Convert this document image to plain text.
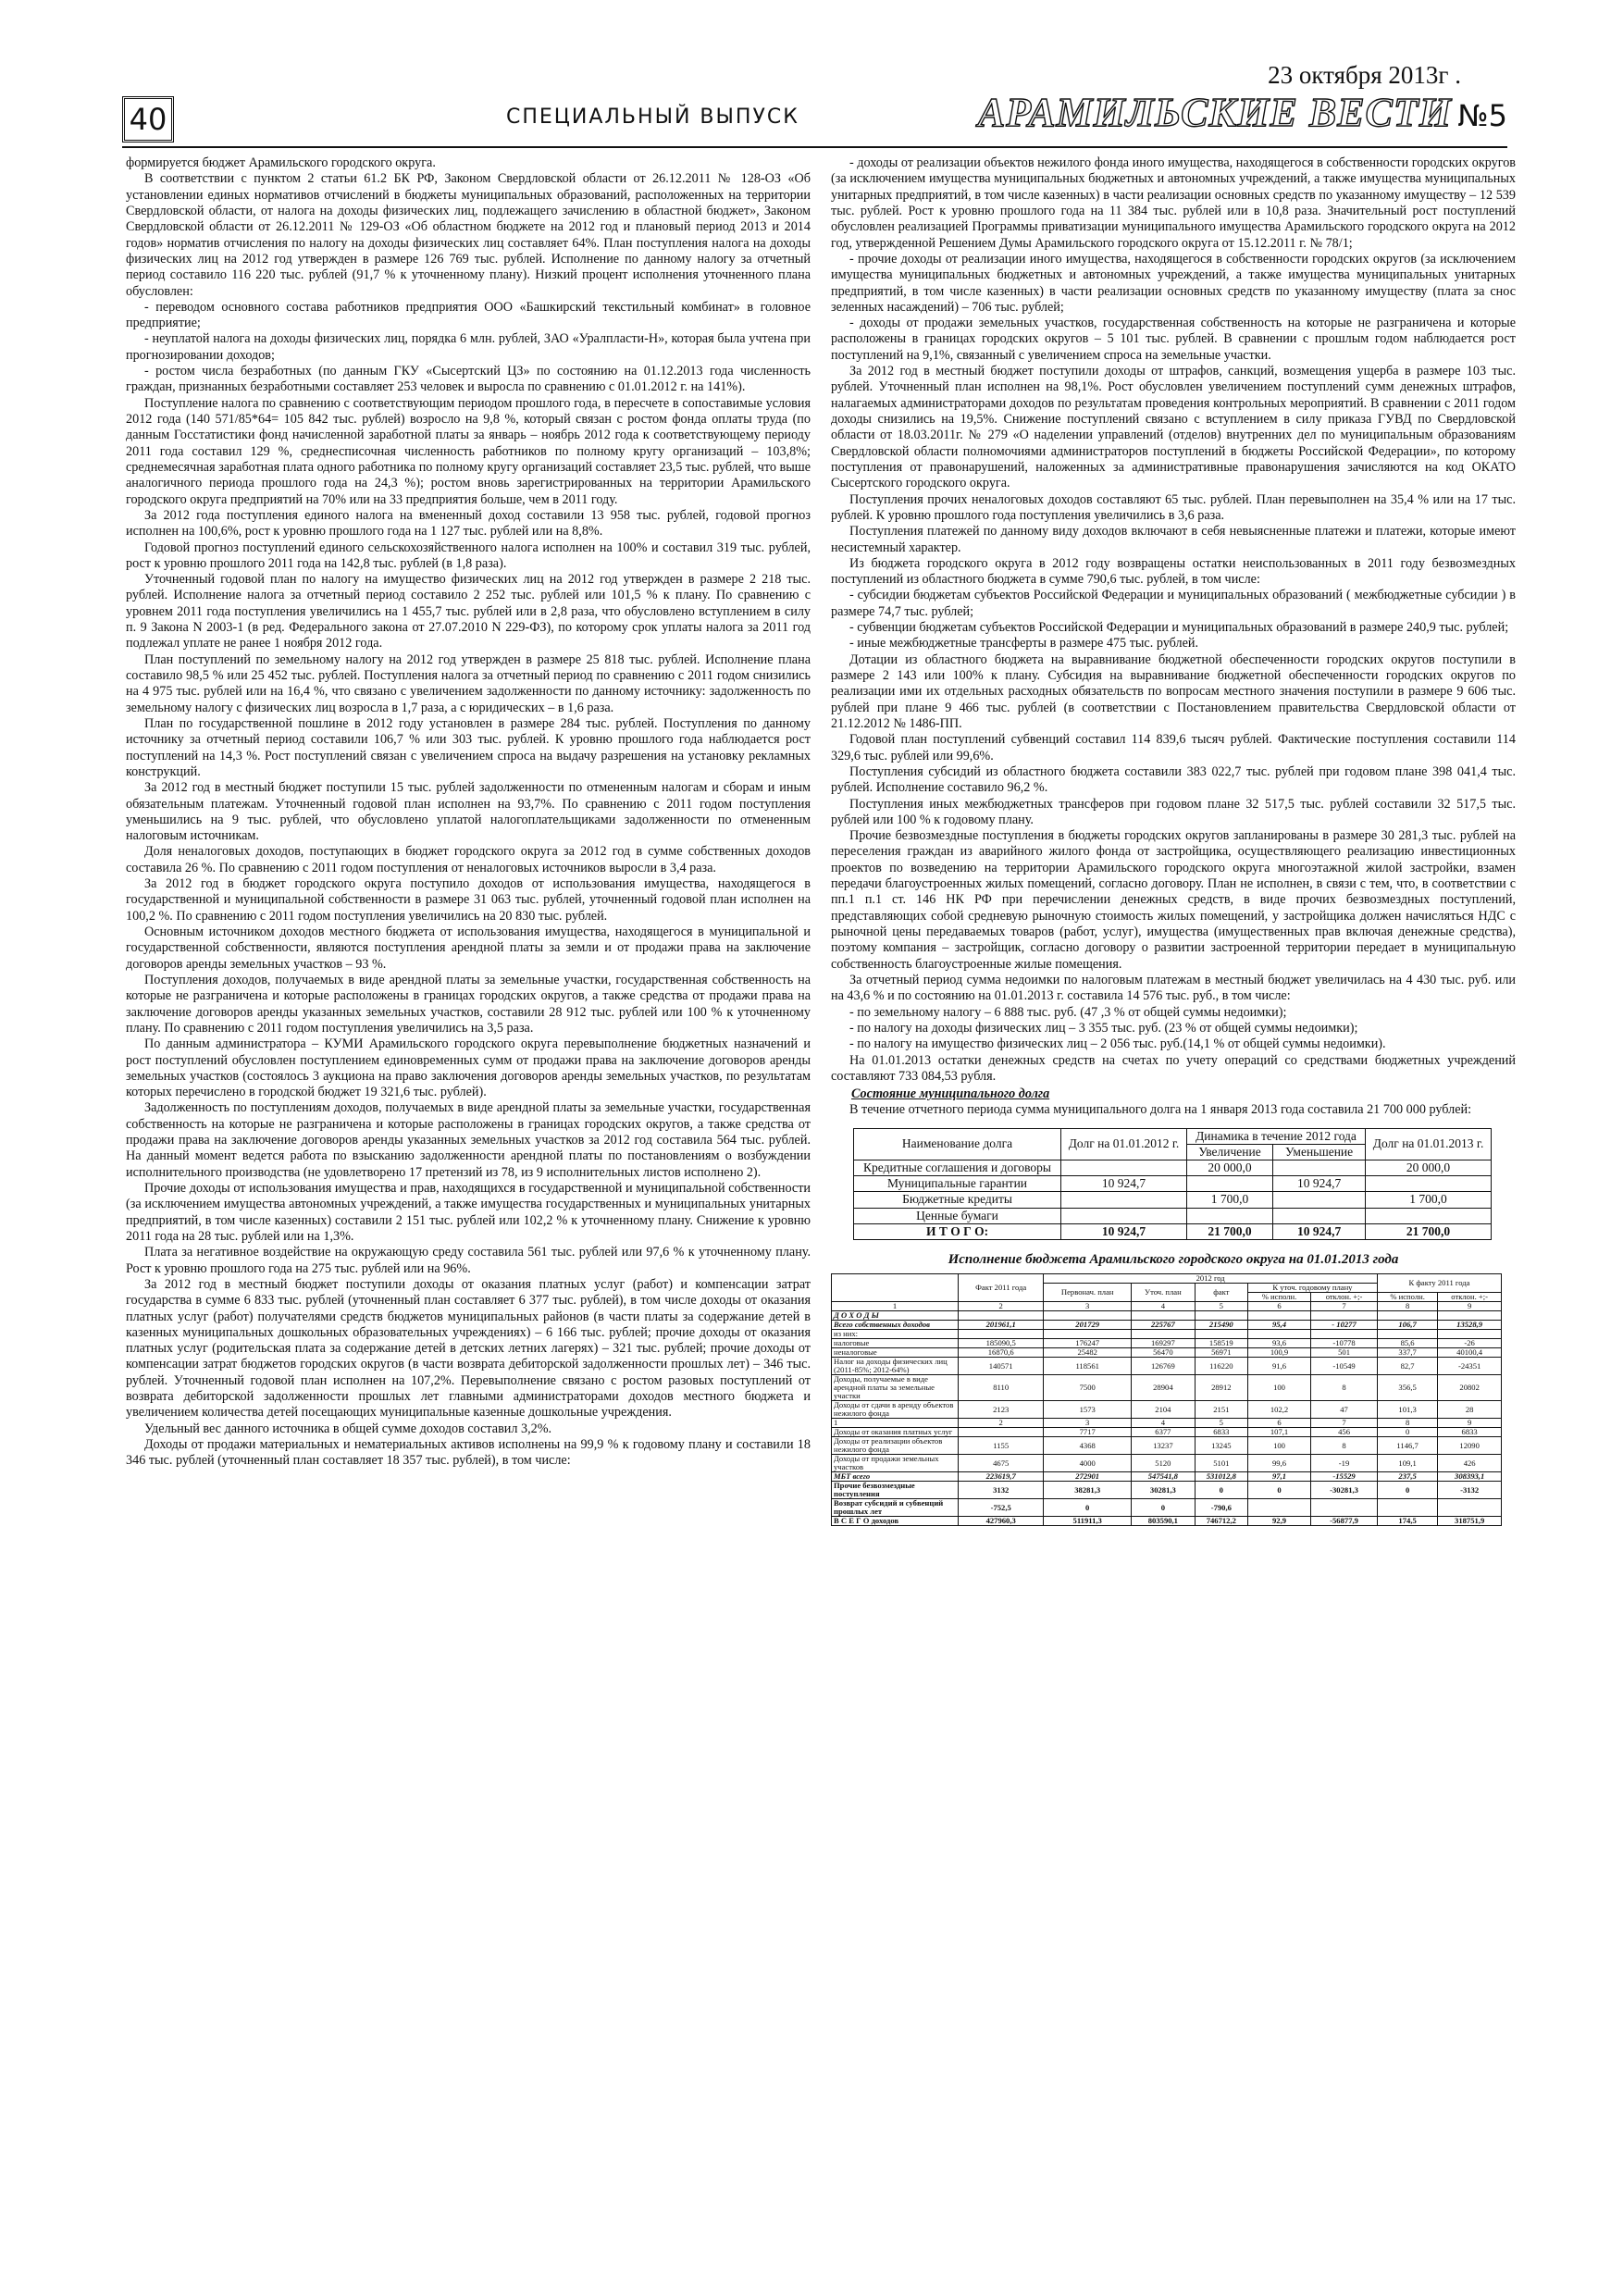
23 октября 2013г .
40	СПЕЦИАЛЬНЫЙ ВЫПУСК	АРАМИЛЬСКИЕ ВЕСТИ №5

формируется бюджет Арамильского городского округа.

В соответствии с пунктом 2 статьи 61.2 БК РФ, Законом Свердловской области от 26.12.2011 № 128-ОЗ «Об установлении единых нормативов отчислений в бюджеты муниципальных образований, расположенных на территории Свердловской области, от налога на доходы физических лиц, подлежащего зачислению в областной бюджет», Законом Свердловской области от 26.12.2011 № 129-ОЗ «Об областном бюджете на 2012 год и плановый период 2013 и 2014 годов» норматив отчисления по налогу на доходы физических лиц составляет 64%. План поступления налога на доходы физических лиц на 2012 год утвержден в размере 126 769 тыс. рублей. Исполнение по данному налогу за отчетный период составило 116 220 тыс. рублей (91,7 % к уточненному плану). Низкий процент исполнения уточненного плана обусловлен:

- переводом основного состава работников предприятия ООО «Башкирский текстильный комбинат» в головное предприятие;

- неуплатой налога на доходы физических лиц, порядка 6 млн. рублей, ЗАО «Уралпласти-Н», которая была учтена при прогнозировании доходов;

- ростом числа безработных (по данным ГКУ «Сысертский ЦЗ» по состоянию на 01.12.2013 года численность граждан, признанных безработными составляет 253 человек и выросла по сравнению с 01.01.2012 г. на 141%).

Поступление налога по сравнению с соответствующим периодом прошлого года, в пересчете в сопоставимые условия 2012 года (140 571/85*64= 105 842 тыс. рублей) возросло на 9,8 %, который связан с ростом фонда оплаты труда (по данным Госстатистики фонд начисленной заработной платы за январь – ноябрь 2012 года к соответствующему периоду 2011 года составил 129 %, среднесписочная численность работников по полному кругу организаций – 103,8%; среднемесячная заработная плата одного работника по полному кругу организаций составляет 23,5 тыс. рублей, что выше аналогичного периода прошлого года на 24,3 %); ростом вновь зарегистрированных на территории Арамильского городского округа предприятий на 70% или на 33 предприятия больше, чем в 2011 году.

За 2012 года поступления единого налога на вмененный доход составили 13 958 тыс. рублей, годовой прогноз исполнен на 100,6%, рост к уровню прошлого года на 1 127 тыс. рублей или на 8,8%.

Годовой прогноз поступлений единого сельскохозяйственного налога исполнен на 100% и составил 319 тыс. рублей, рост к уровню прошлого 2011 года на 142,8 тыс. рублей (в 1,8 раза).

Уточненный годовой план по налогу на имущество физических лиц на 2012 год утвержден в размере 2 218 тыс. рублей. Исполнение налога за отчетный период составило 2 252 тыс. рублей или 101,5 % к плану. По сравнению с уровнем 2011 года поступления увеличились на 1 455,7 тыс. рублей или в 2,8 раза, что обусловлено вступлением в силу п. 9 Закона N 2003-1 (в ред. Федерального закона от 27.07.2010 N 229-ФЗ), по которому срок уплаты налога за 2011 год подлежал уплате не ранее 1 ноября 2012 года.

План поступлений по земельному налогу на 2012 год утвержден в размере 25 818 тыс. рублей. Исполнение плана составило 98,5 % или 25 452 тыс. рублей. Поступления налога за отчетный период по сравнению с 2011 годом снизились на 4 975 тыс. рублей или на 16,4 %, что связано с увеличением задолженности по данному источнику: задолженность по земельному налогу с физических лиц возросла в 1,7 раза, а с юридических – в 1,6 раза.

План по государственной пошлине в 2012 году установлен в размере 284 тыс. рублей. Поступления по данному источнику за отчетный период составили 106,7 % или 303 тыс. рублей. К уровню прошлого года наблюдается рост поступлений на 14,3 %. Рост поступлений связан с увеличением спроса на выдачу разрешения на установку рекламных конструкций.

За 2012 год в местный бюджет поступили 15 тыс. рублей задолженности по отмененным налогам и сборам и иным обязательным платежам. Уточненный годовой план исполнен на 93,7%. По сравнению с 2011 годом поступления уменьшились на 9 тыс. рублей, что обусловлено уплатой налогоплательщиками задолженности по отмененным налоговым источникам.

Доля неналоговых доходов, поступающих в бюджет городского округа за 2012 год в сумме собственных доходов составила 26 %. По сравнению с 2011 годом поступления от неналоговых источников выросли в 3,4 раза.

За 2012 год в бюджет городского округа поступило доходов от использования имущества, находящегося в государственной и муниципальной собственности в размере 31 063 тыс. рублей, уточненный годовой план исполнен на 100,2 %. По сравнению с 2011 годом поступления увеличились на 20 830 тыс. рублей.

Основным источником доходов местного бюджета от использования имущества, находящегося в муниципальной и государственной собственности, являются поступления арендной платы за земли и от продажи права на заключение договоров аренды земельных участков – 93 %.

Поступления доходов, получаемых в виде арендной платы за земельные участки, государственная собственность на которые не разграничена и которые расположены в границах городских округов, а также средства от продажи права на заключение договоров аренды указанных земельных участков, составили 28 912 тыс. рублей или 100 % к уточненному плану. По сравнению с 2011 годом поступления увеличились на 3,5 раза.

По данным администратора – КУМИ Арамильского городского округа перевыполнение бюджетных назначений и рост поступлений обусловлен поступлением единовременных сумм от продажи права на заключение договоров аренды земельных участков (состоялось 3 аукциона на право заключения договоров аренды земельных участков, по результатам которых перечислено в городской бюджет 19 321,6 тыс. рублей).

Задолженность по поступлениям доходов, получаемых в виде арендной платы за земельные участки, государственная собственность на которые не разграничена и которые расположены в границах городских округов, а также средства от продажи права на заключение договоров аренды указанных земельных участков за 2012 год составила 564 тыс. рублей. На данный момент ведется работа по взысканию задолженности арендной платы по постановлениям о возбуждении исполнительного производства (не удовлетворено 17 претензий из 78, из 9 исполнительных листов исполнено 2).

Прочие доходы от использования имущества и прав, находящихся в государственной и муниципальной собственности (за исключением имущества автономных учреждений, а также имущества государственных и муниципальных унитарных предприятий, в том числе казенных) составили 2 151 тыс. рублей или 102,2 % к уточненному плану. Снижение к уровню 2011 года на 28 тыс. рублей или на 1,3%.

Плата за негативное воздействие на окружающую среду составила 561 тыс. рублей или 97,6 % к уточненному плану. Рост к уровню прошлого года на 275 тыс. рублей или на 96%.

За 2012 год в местный бюджет поступили доходы от оказания платных услуг (работ) и компенсации затрат государства в сумме 6 833 тыс. рублей (уточненный план составляет 6 377 тыс. рублей), в том числе доходы от оказания платных услуг (работ) получателями средств бюджетов муниципальных районов (в части платы за содержание детей в казенных муниципальных дошкольных образовательных учреждениях) – 6 166 тыс. рублей; прочие доходы от оказания платных услуг (родительская плата за содержание детей в детских летних лагерях) – 321 тыс. рублей; прочие доходы от компенсации затрат бюджетов городских округов (в части возврата дебиторской задолженности прошлых лет) – 346 тыс. рублей. Уточненный годовой план исполнен на 107,2%. Перевыполнение связано с ростом разовых поступлений от возврата дебиторской задолженности прошлых лет главными администраторами доходов местного бюджета и увеличением количества детей посещающих муниципальные казенные дошкольные учреждения.

Удельный вес данного источника в общей сумме доходов составил 3,2%.

Доходы от продажи материальных и нематериальных активов исполнены на 99,9 % к годовому плану и составили 18 346 тыс. рублей (уточненный план составляет 18 357 тыс. рублей), в том числе:

- доходы от реализации объектов нежилого фонда иного имущества, находящегося в собственности городских округов (за исключением имущества муниципальных бюджетных и автономных учреждений, а также имущества муниципальных унитарных предприятий, в том числе казенных) в части реализации основных средств по указанному имуществу – 12 539 тыс. рублей. Рост к уровню прошлого года на 11 384 тыс. рублей или в 10,8 раза. Значительный рост поступлений обусловлен реализацией Программы приватизации муниципального имущества Арамильского городского округа на 2012 год, утвержденной Решением Думы Арамильского городского округа от 15.12.2011 г. № 78/1;

- прочие доходы от реализации иного имущества, находящегося в собственности городских округов (за исключением имущества муниципальных бюджетных и автономных учреждений, а также имущества муниципальных унитарных предприятий, в том числе казенных) в части реализации основных средств по указанному имуществу (плата за снос зеленных насаждений) – 706 тыс. рублей;

- доходы от продажи земельных участков, государственная собственность на которые не разграничена и которые расположены в границах городских округов – 5 101 тыс. рублей. В сравнении с прошлым годом наблюдается рост поступлений на 9,1%, связанный с увеличением спроса на земельные участки.

За 2012 год в местный бюджет поступили доходы от штрафов, санкций, возмещения ущерба в размере 103 тыс. рублей. Уточненный план исполнен на 98,1%. Рост обусловлен увеличением поступлений сумм денежных штрафов, налагаемых администраторами доходов по результатам проведения контрольных мероприятий. В сравнении с 2011 годом доходы снизились на 19,5%. Снижение поступлений связано с вступлением в силу приказа ГУВД по Свердловской области от 18.03.2011г. № 279 «О наделении управлений (отделов) внутренних дел по муниципальным образованиям Свердловской области полномочиями администраторов поступлений в бюджеты Российской Федерации», по которому поступления от правонарушений, наложенных за административные правонарушения зачисляются на код ОКАТО Сысертского городского округа.

Поступления прочих неналоговых доходов составляют 65 тыс. рублей. План перевыполнен на 35,4 % или на 17 тыс. рублей. К уровню прошлого года поступления увеличились в 3,6 раза.

Поступления платежей по данному виду доходов включают в себя невыясненные платежи и платежи, которые имеют несистемный характер.

Из бюджета городского округа в 2012 году возвращены остатки неиспользованных в 2011 году безвозмездных поступлений из областного бюджета в сумме 790,6 тыс. рублей, в том числе:

- субсидии бюджетам субъектов Российской Федерации и муниципальных образований ( межбюджетные субсидии ) в размере 74,7 тыс. рублей;

- субвенции бюджетам субъектов Российской Федерации и муниципальных образований в размере 240,9 тыс. рублей;

- иные межбюджетные трансферты в размере 475 тыс. рублей.

Дотации из областного бюджета на выравнивание бюджетной обеспеченности городских округов поступили в размере 2 143 или 100% к плану. Субсидия на выравнивание бюджетной обеспеченности городских округов по реализации ими их отдельных расходных обязательств по вопросам местного значения поступили в размере 9 606 тыс. рублей при плане 9 466 тыс. рублей (в соответствии с Постановлением правительства Свердловской области от 21.12.2012 № 1486-ПП.

Годовой план поступлений субвенций составил 114 839,6 тысяч рублей. Фактические поступления составили 114 329,6 тыс. рублей или 99,6%.

Поступления субсидий из областного бюджета составили 383 022,7 тыс. рублей при годовом плане 398 041,4 тыс. рублей. Исполнение составило 96,2 %.

Поступления иных межбюджетных трансферов при годовом плане 32 517,5 тыс. рублей составили 32 517,5 тыс. рублей или 100 % к годовому плану.

Прочие безвозмездные поступления в бюджеты городских округов запланированы в размере 30 281,3 тыс. рублей на переселения граждан из аварийного жилого фонда от застройщика, осуществляющего реализацию инвестиционных проектов по возведению на территории Арамильского городского округа многоэтажной жилой застройки, взамен передачи благоустроенных жилых помещений, согласно договору. План не исполнен, в связи с тем, что, в соответствии с пп.1 п.1 ст. 146 НК РФ при перечислении денежных средств, в виде прочих безвозмездных поступлений, представляющих собой средневую рыночную стоимость жилых помещений, у застройщика должен начисляться НДС с рыночной цены передаваемых товаров (работ, услуг), имущества (имущественных прав включая денежные средства), поэтому компания – застройщик, согласно договору о развитии застроенной территории передает в муниципальную собственность благоустроенные жилые помещения.

За отчетный период сумма недоимки по налоговым платежам в местный бюджет увеличилась на 4 430 тыс. руб. или на 43,6 % и по состоянию на 01.01.2013 г. составила 14 576 тыс. руб., в том числе:

- по земельному налогу – 6 888 тыс. руб. (47 ,3 % от общей суммы недоимки);

- по налогу на доходы физических лиц – 3 355 тыс. руб. (23 % от общей суммы недоимки);

- по налогу на имущество физических лиц – 2 056 тыс. руб.(14,1 % от общей суммы недоимки).

На 01.01.2013 остатки денежных средств на счетах по учету операций со средствами бюджетных учреждений составляют 733 084,53 рубля.

Состояние муниципального долга

В течение отчетного периода сумма муниципального долга на 1 января 2013 года составила 21 700 000 рублей:

Наименование долга	Долг на 01.01.2012 г.	Динамика в течение 2012 года		Долг на 01.01.2013 г.
		Увеличение	Уменьшение	
Кредитные соглашения и договоры		20 000,0		20 000,0
Муниципальные гарантии	10 924,7		10 924,7	
Бюджетные кредиты		1 700,0		1 700,0
Ценные бумаги				
И Т О Г О:	10 924,7	21 700,0	10 924,7	21 700,0
Исполнение бюджета Арамильского городского округа на 01.01.2013 года
	Факт 2011 года	2012 год					К факту 2011 года	
		Первонач. план	Уточ. план	факт	К уточ. годовому плану			
					% исполн.	отклон. +;-	% исполн.	отклон. +;-
1	2	3	4	5	6	7	8	9
Д О Х О Д Ы								
Всего собственных доходов	201961,1	201729	225767	215490	95,4	- 10277	106,7	13528,9
из них:								
налоговые	185090,5	176247	169297	158519	93,6	-10778	85,6	-26
неналоговые	16870,6	25482	56470	56971	100,9	501	337,7	40100,4
Налог на доходы физических лиц (2011-85%; 2012-64%)	140571	118561	126769	116220	91,6	-10549	82,7	-24351
Доходы, получаемые в виде арендной платы за земельные участки	8110	7500	28904	28912	100	8	356,5	20802
Доходы от сдачи в аренду объектов нежилого фонда	2123	1573	2104	2151	102,2	47	101,3	28
1	2	3	4	5	6	7	8	9
Доходы от оказания платных услуг		7717	6377	6833	107,1	456	0	6833
Доходы от реализации объектов нежилого фонда	1155	4368	13237	13245	100	8	1146,7	12090
Доходы от продажи земельных участков	4675	4000	5120	5101	99,6	-19	109,1	426
МБТ всего	223619,7	272901	547541,8	531012,8	97,1	-15529	237,5	308393,1
Прочие безвозмездные поступления	3132	38281,3	30281,3	0	0	-30281,3	0	-3132
Возврат субсидий и субвенций прошлых лет	-752,5	0	0	-790,6				
В С Е Г О доходов	427960,3	511911,3	803590,1	746712,2	92,9	-56877,9	174,5	318751,9
